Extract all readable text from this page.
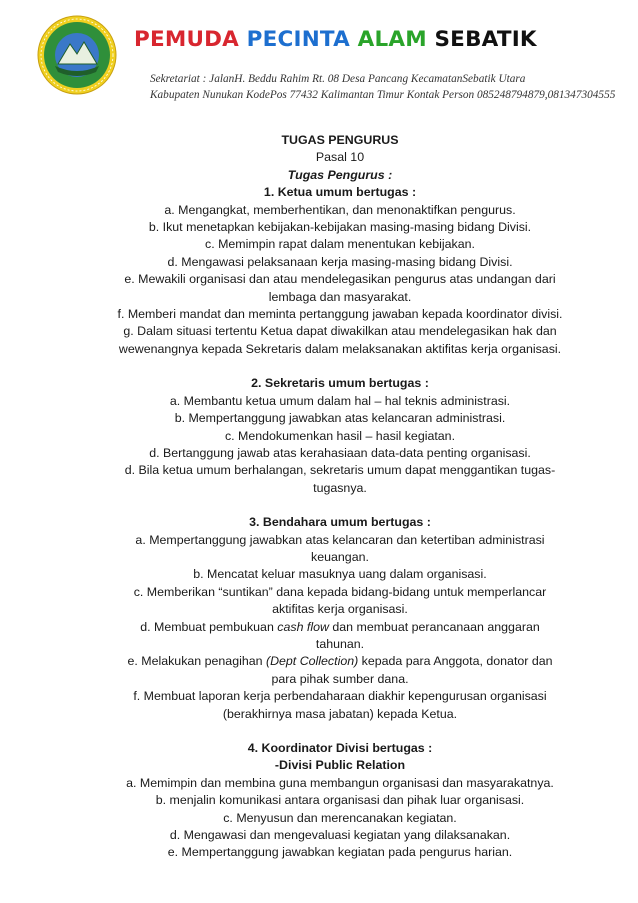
PEMUDA PECINTA ALAM SEBATIK
Sekretariat : JalanH. Beddu Rahim Rt. 08 Desa Pancang KecamatanSebatik Utara
Kabupaten Nunukan KodePos 77432 Kalimantan Timur Kontak Person 085248794879,081347304555
TUGAS PENGURUS
Pasal 10
Tugas Pengurus :
1. Ketua umum bertugas :
a. Mengangkat, memberhentikan, dan menonaktifkan pengurus.
b. Ikut menetapkan kebijakan-kebijakan masing-masing bidang Divisi.
c. Memimpin rapat dalam menentukan kebijakan.
d. Mengawasi pelaksanaan kerja masing-masing bidang Divisi.
e. Mewakili organisasi dan atau mendelegasikan pengurus atas undangan dari
lembaga dan masyarakat.
f. Memberi mandat dan meminta pertanggung jawaban kepada koordinator divisi.
g. Dalam situasi tertentu Ketua dapat diwakilkan atau mendelegasikan hak dan
wewenangnya kepada Sekretaris dalam melaksanakan aktifitas kerja organisasi.
2. Sekretaris umum bertugas :
a. Membantu ketua umum dalam hal – hal teknis administrasi.
b. Mempertanggung jawabkan atas kelancaran administrasi.
c. Mendokumenkan hasil – hasil kegiatan.
d. Bertanggung jawab atas kerahasiaan data-data penting organisasi.
d. Bila ketua umum berhalangan, sekretaris umum dapat menggantikan tugas-
tugasnya.
3. Bendahara umum bertugas :
a. Mempertanggung jawabkan atas kelancaran dan ketertiban administrasi
keuangan.
b. Mencatat keluar masuknya uang dalam organisasi.
c. Memberikan “suntikan” dana kepada bidang-bidang untuk memperlancar
aktifitas kerja organisasi.
d. Membuat pembukuan cash flow dan membuat perancanaan anggaran
tahunan.
e. Melakukan penagihan (Dept Collection) kepada para Anggota, donator dan
para pihak sumber dana.
f. Membuat laporan kerja perbendaharaan diakhir kepengurusan organisasi
(berakhirnya masa jabatan) kepada Ketua.
4. Koordinator Divisi bertugas :
-Divisi Public Relation
a. Memimpin dan membina guna membangun organisasi dan masyarakatnya.
b. menjalin komunikasi antara organisasi dan pihak luar organisasi.
c. Menyusun dan merencanakan kegiatan.
d. Mengawasi dan mengevaluasi kegiatan yang dilaksanakan.
e. Mempertanggung jawabkan kegiatan pada pengurus harian.
